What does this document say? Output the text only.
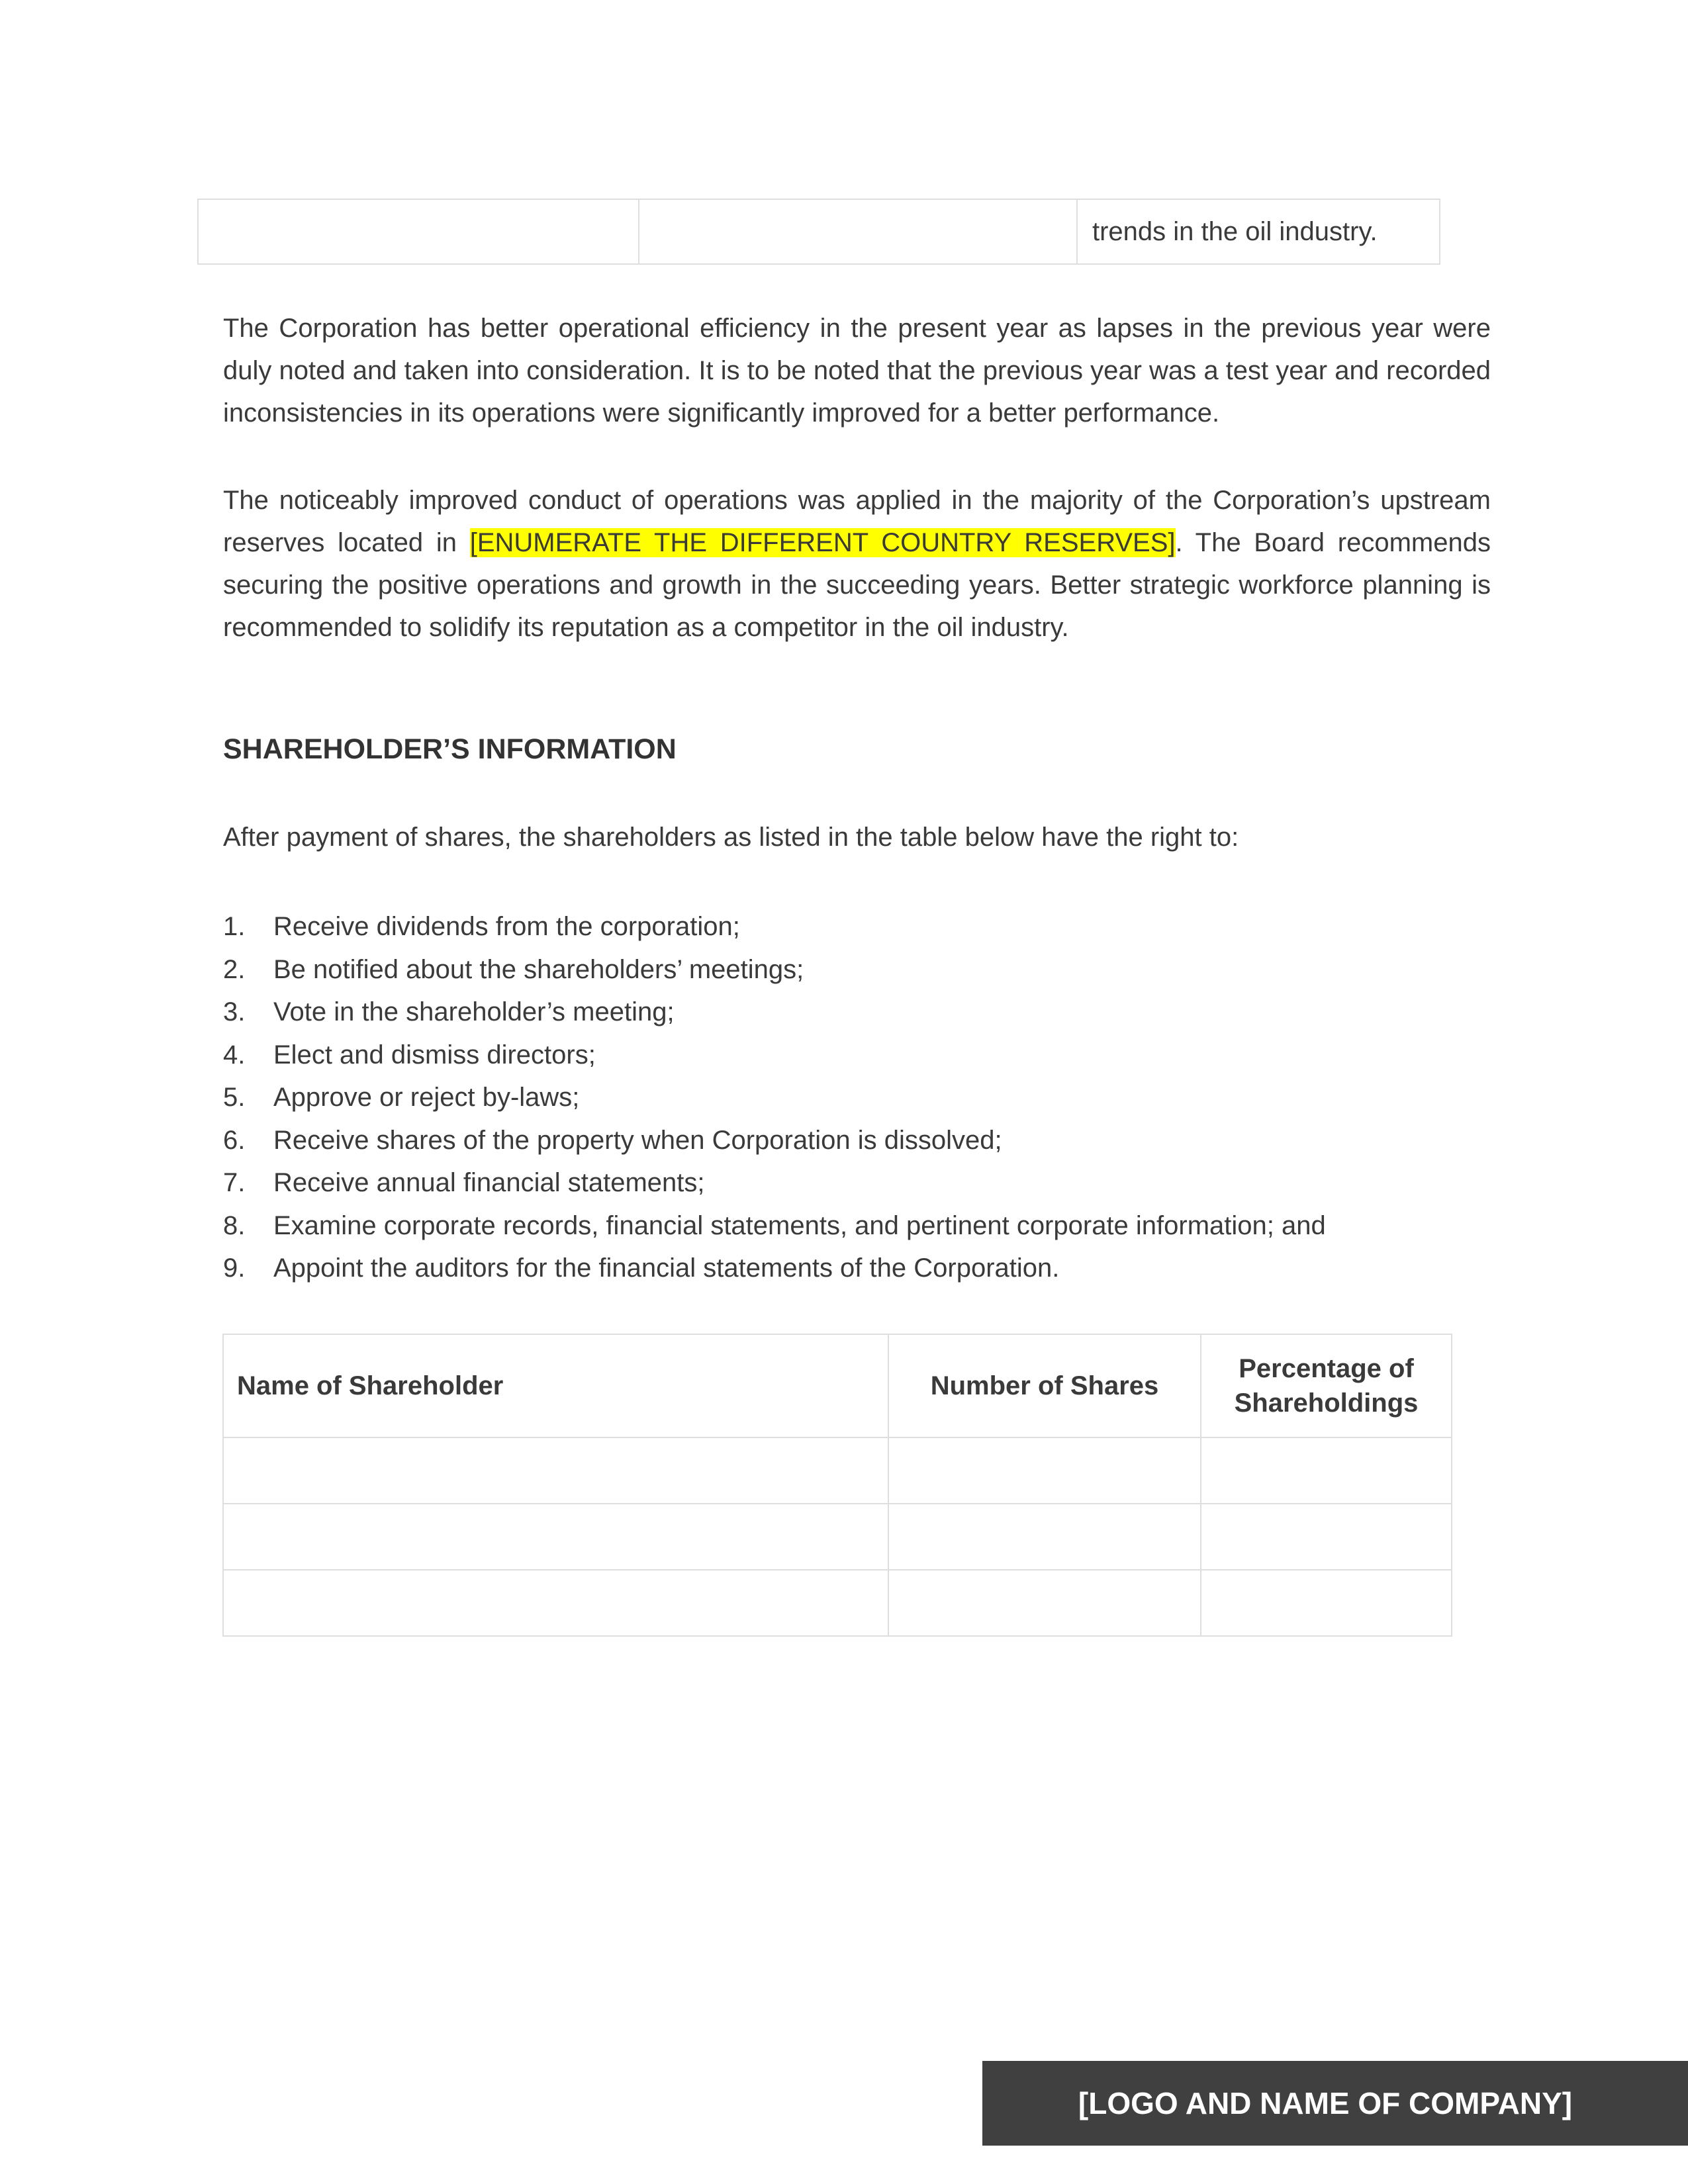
		trends in the oil industry.

The Corporation has better operational efficiency in the present year as lapses in the previous year were duly noted and taken into consideration. It is to be noted that the previous year was a test year and recorded inconsistencies in its operations were significantly improved for a better performance.

The noticeably improved conduct of operations was applied in the majority of the Corporation’s upstream reserves located in [ENUMERATE THE DIFFERENT COUNTRY RESERVES]. The Board recommends securing the positive operations and growth in the succeeding years. Better strategic workforce planning is recommended to solidify its reputation as a competitor in the oil industry.

SHAREHOLDER’S INFORMATION
After payment of shares, the shareholders as listed in the table below have the right to:
1.	Receive dividends from the corporation;
2.	Be notified about the shareholders’ meetings;
3.	Vote in the shareholder’s meeting;
4.	Elect and dismiss directors;
5.	Approve or reject by-laws;
6.	Receive shares of the property when Corporation is dissolved;
7.	Receive annual financial statements;
8.	Examine corporate records, financial statements, and pertinent corporate information; and
9.	Appoint the auditors for the financial statements of the Corporation.
Name of Shareholder	Number of Shares	Percentage of Shareholdings

[LOGO AND NAME OF COMPANY]
